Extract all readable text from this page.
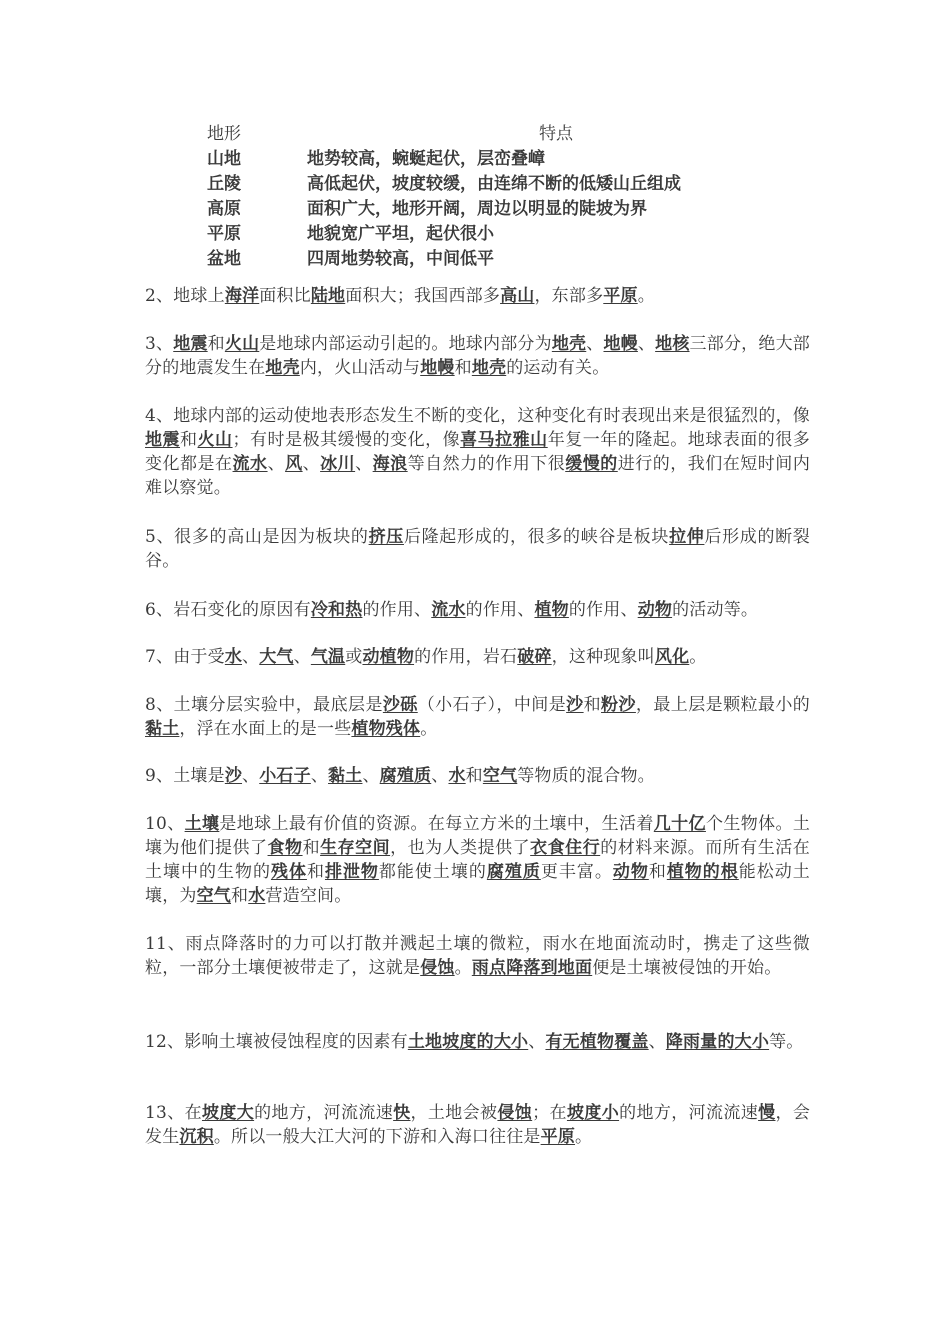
地形	特点
山地	地势较高，蜿蜒起伏，层峦叠嶂
丘陵	高低起伏，坡度较缓，由连绵不断的低矮山丘组成
高原	面积广大，地形开阔，周边以明显的陡坡为界
平原	地貌宽广平坦，起伏很小
盆地	四周地势较高，中间低平

2、地球上海洋面积比陆地面积大；我国西部多高山，东部多平原。

3、地震和火山是地球内部运动引起的。地球内部分为地壳、地幔、地核三部分，绝大部分的地震发生在地壳内，火山活动与地幔和地壳的运动有关。

4、地球内部的运动使地表形态发生不断的变化，这种变化有时表现出来是很猛烈的，像地震和火山；有时是极其缓慢的变化，像喜马拉雅山年复一年的隆起。地球表面的很多变化都是在流水、风、冰川、海浪等自然力的作用下很缓慢的进行的，我们在短时间内难以察觉。

5、很多的高山是因为板块的挤压后隆起形成的，很多的峡谷是板块拉伸后形成的断裂谷。

6、岩石变化的原因有冷和热的作用、流水的作用、植物的作用、动物的活动等。

7、由于受水、大气、气温或动植物的作用，岩石破碎，这种现象叫风化。

8、土壤分层实验中，最底层是沙砾（小石子），中间是沙和粉沙，最上层是颗粒最小的黏土，浮在水面上的是一些植物残体。

9、土壤是沙、小石子、黏土、腐殖质、水和空气等物质的混合物。

10、土壤是地球上最有价值的资源。在每立方米的土壤中，生活着几十亿个生物体。土壤为他们提供了食物和生存空间，也为人类提供了衣食住行的材料来源。而所有生活在土壤中的生物的残体和排泄物都能使土壤的腐殖质更丰富。动物和植物的根能松动土壤，为空气和水营造空间。

11、雨点降落时的力可以打散并溅起土壤的微粒，雨水在地面流动时，携走了这些微粒，一部分土壤便被带走了，这就是侵蚀。雨点降落到地面便是土壤被侵蚀的开始。

12、影响土壤被侵蚀程度的因素有土地坡度的大小、有无植物覆盖、降雨量的大小等。

13、在坡度大的地方，河流流速快，土地会被侵蚀；在坡度小的地方，河流流速慢，会发生沉积。所以一般大江大河的下游和入海口往往是平原。
